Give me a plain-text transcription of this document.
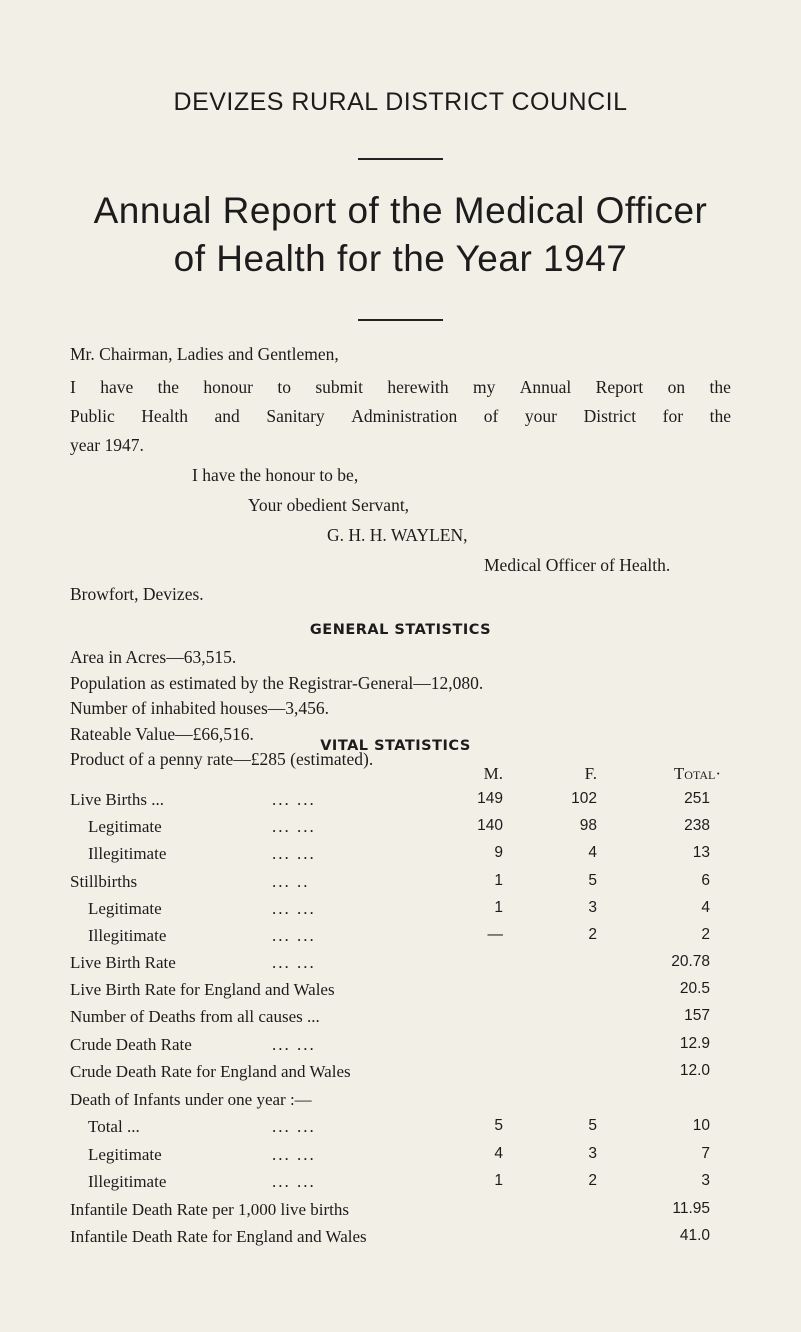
DEVIZES RURAL DISTRICT COUNCIL
Annual Report of the Medical Officer
of Health for the Year 1947
Mr. Chairman, Ladies and Gentlemen,
I have the honour to submit herewith my Annual Report on the
Public Health and Sanitary Administration of your District for the
year 1947.
I have the honour to be,
Your obedient Servant,
G. H. H. WAYLEN,
Medical Officer of Health.
Browfort, Devizes.
GENERAL STATISTICS
Area in Acres—63,515.
Population as estimated by the Registrar-General—12,080.
Number of inhabited houses—3,456.
Rateable Value—£66,516.
Product of a penny rate—£285 (estimated).
VITAL STATISTICS
M.	F.	Total·
Live Births ...	... ...	149	102	251
Legitimate	... ...	140	98	238
Illegitimate	... ...	9	4	13
Stillbirths	... ..	1	5	6
Legitimate	... ...	1	3	4
Illegitimate	... ...	—	2	2
Live Birth Rate	... ...	20.78
Live Birth Rate for England and Wales	20.5
Number of Deaths from all causes ...	157
Crude Death Rate	... ...	12.9
Crude Death Rate for England and Wales	12.0
Death of Infants under one year :—
Total ...	... ...	5	5	10
Legitimate	... ...	4	3	7
Illegitimate	... ...	1	2	3
Infantile Death Rate per 1,000 live births	11.95
Infantile Death Rate for England and Wales	41.0
